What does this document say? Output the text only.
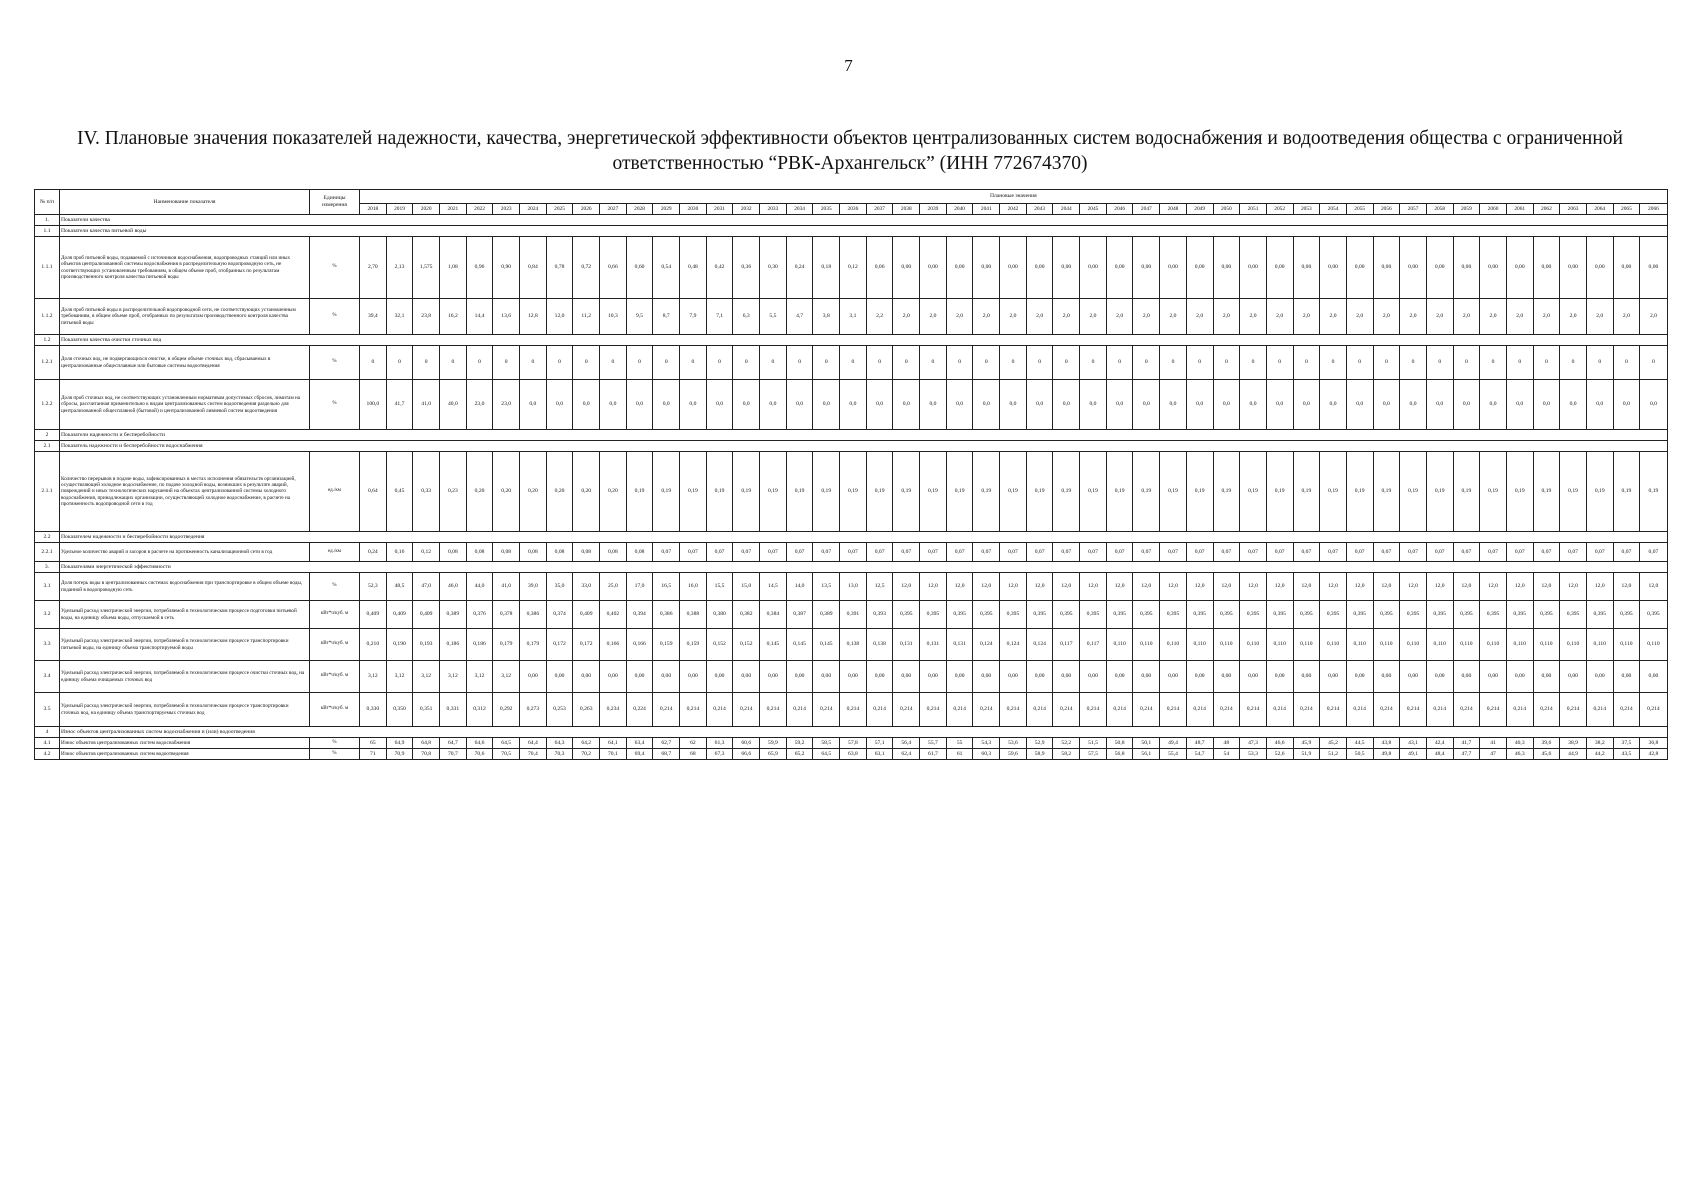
7
IV. Плановые значения показателей надежности, качества, энергетической эффективности объектов централизованных систем водоснабжения и водоотведения общества с ограниченной
ответственностью “РВК-Архангельск” (ИНН 772674370)
№ п/п	Наименование показателя	Единицы измерения	Плановые значения																																																
			2018	2019	2020	2021	2022	2023	2024	2025	2026	2027	2028	2029	2030	2031	2032	2033	2034	2035	2036	2037	2038	2039	2040	2041	2042	2043	2044	2045	2046	2047	2048	2049	2050	2051	2052	2053	2054	2055	2056	2057	2058	2059	2060	2061	2062	2063	2064	2065	2066
1.	Показатели качества																																																		
1.1	Показатели качества питьевой воды																																																		
1.1.1	Доля проб питьевой воды, подаваемой с источников водоснабжения, водопроводных станций или иных объектов централизованной системы водоснабжения в распределительную водопроводную сеть, не соответствующих установленным требованиям, в общем объеме проб, отобранных по результатам производственного контроля качества питьевой воды	%	2,70	2,13	1,575	1,08	0,96	0,90	0,84	0,78	0,72	0,66	0,60	0,54	0,48	0,42	0,36	0,30	0,24	0,18	0,12	0,06	0,00	0,00	0,00	0,00	0,00	0,00	0,00	0,00	0,00	0,00	0,00	0,00	0,00	0,00	0,00	0,00	0,00	0,00	0,00	0,00	0,00	0,00	0,00	0,00	0,00	0,00	0,00	0,00	0,00
1.1.2	Доля проб питьевой воды в распределительной водопроводной сети, не соответствующих установленным требованиям, в общем объеме проб, отобранных по результатам производственного контроля качества питьевой воды	%	39,4	32,1	23,8	16,2	14,4	13,6	12,8	12,0	11,2	10,3	9,5	8,7	7,9	7,1	6,3	5,5	4,7	3,8	3,1	2,2	2,0	2,0	2,0	2,0	2,0	2,0	2,0	2,0	2,0	2,0	2,0	2,0	2,0	2,0	2,0	2,0	2,0	2,0	2,0	2,0	2,0	2,0	2,0	2,0	2,0	2,0	2,0	2,0	2,0
1.2	Показатели качества очистки сточных вод																																																		
1.2.1	Доля сточных вод, не подвергающихся очистке, в общем объеме сточных вод, сбрасываемых в централизованные общесплавные или бытовые системы водоотведения	%	0	0	0	0	0	0	0	0	0	0	0	0	0	0	0	0	0	0	0	0	0	0	0	0	0	0	0	0	0	0	0	0	0	0	0	0	0	0	0	0	0	0	0	0	0	0	0	0	0
1.2.2	Доля проб сточных вод, не соответствующих установленным нормативам допустимых сбросов, лимитам на сбросы, рассчитанная применительно к видам централизованных систем водоотведения раздельно для централизованной общесплавной (бытовой) и централизованной ливневой систем водоотведения	%	100,0	41,7	41,0	40,0	23,0	23,0	0,0	0,0	0,0	0,0	0,0	0,0	0,0	0,0	0,0	0,0	0,0	0,0	0,0	0,0	0,0	0,0	0,0	0,0	0,0	0,0	0,0	0,0	0,0	0,0	0,0	0,0	0,0	0,0	0,0	0,0	0,0	0,0	0,0	0,0	0,0	0,0	0,0	0,0	0,0	0,0	0,0	0,0	0,0
2	Показатели надежности и бесперебойности																																																		
2.1	Показатель надежности и бесперебойности водоснабжения																																																		
2.1.1	Количество перерывов в подаче воды, зафиксированных в местах исполнения обязательств организацией, осуществляющей холодное водоснабжение, по подаче холодной воды, возникших в результате аварий, повреждений и иных технологических нарушений на объектах централизованной системы холодного водоснабжения, принадлежащих организации, осуществляющей холодное водоснабжение, в расчете на протяженность водопроводной сети в год	ед./км	0,64	0,45	0,33	0,23	0,20	0,20	0,20	0,20	0,20	0,20	0,19	0,19	0,19	0,19	0,19	0,19	0,19	0,19	0,19	0,19	0,19	0,19	0,19	0,19	0,19	0,19	0,19	0,19	0,19	0,19	0,19	0,19	0,19	0,19	0,19	0,19	0,19	0,19	0,19	0,19	0,19	0,19	0,19	0,19	0,19	0,19	0,19	0,19	0,19
2.2	Показателем надежности и бесперебойности водоотведения																																																		
2.2.1	Удельное количество аварий и засоров в расчете на протяженность канализационной сети в год	ед./км	0,24	0,16	0,12	0,08	0,08	0,08	0,08	0,08	0,08	0,08	0,08	0,07	0,07	0,07	0,07	0,07	0,07	0,07	0,07	0,07	0,07	0,07	0,07	0,07	0,07	0,07	0,07	0,07	0,07	0,07	0,07	0,07	0,07	0,07	0,07	0,07	0,07	0,07	0,07	0,07	0,07	0,07	0,07	0,07	0,07	0,07	0,07	0,07	0,07
3.	Показателями энергетической эффективности																																																		
3.1	Доля потерь воды в централизованных системах водоснабжения при транспортировке в общем объеме воды, поданной в водопроводную сеть	%	52,3	48,5	47,0	46,0	44,0	41,0	39,0	35,0	33,0	25,0	17,0	16,5	16,0	15,5	15,0	14,5	14,0	13,5	13,0	12,5	12,0	12,0	12,0	12,0	12,0	12,0	12,0	12,0	12,0	12,0	12,0	12,0	12,0	12,0	12,0	12,0	12,0	12,0	12,0	12,0	12,0	12,0	12,0	12,0	12,0	12,0	12,0	12,0	12,0
3.2	Удельный расход электрической энергии, потребляемой в технологическом процессе подготовки питьевой воды, на единицу объема воды, отпускаемой в сеть	кВт*ч/куб. м	0,409	0,409	0,409	0,389	0,376	0,378	0,386	0,374	0,409	0,402	0,394	0,386	0,388	0,380	0,382	0,384	0,387	0,389	0,391	0,393	0,395	0,395	0,395	0,395	0,395	0,395	0,395	0,395	0,395	0,395	0,395	0,395	0,395	0,395	0,395	0,395	0,395	0,395	0,395	0,395	0,395	0,395	0,395	0,395	0,395	0,395	0,395	0,395	0,395
3.3	Удельный расход электрической энергии, потребляемой в технологическом процессе транспортировки питьевой воды, на единицу объема транспортируемой воды	кВт*ч/куб. м	0,210	0,190	0,193	0,186	0,186	0,179	0,179	0,172	0,172	0,166	0,166	0,159	0,159	0,152	0,152	0,145	0,145	0,145	0,138	0,138	0,131	0,131	0,131	0,124	0,124	0,124	0,117	0,117	0,110	0,110	0,110	0,110	0,110	0,110	0,110	0,110	0,110	0,110	0,110	0,110	0,110	0,110	0,110	0,110	0,110	0,110	0,110	0,110	0,110
3.4	Удельный расход электрической энергии, потребляемой в технологическом процессе очистки сточных вод, на единицу объема очищаемых сточных вод	кВт*ч/куб. м	3,12	3,12	3,12	3,12	3,12	3,12	0,00	0,00	0,00	0,00	0,00	0,00	0,00	0,00	0,00	0,00	0,00	0,00	0,00	0,00	0,00	0,00	0,00	0,00	0,00	0,00	0,00	0,00	0,00	0,00	0,00	0,00	0,00	0,00	0,00	0,00	0,00	0,00	0,00	0,00	0,00	0,00	0,00	0,00	0,00	0,00	0,00	0,00	0,00
3.5	Удельный расход электрической энергии, потребляемой в технологическом процессе транспортировки сточных вод, на единицу объема транспортируемых сточных вод	кВт*ч/куб. м	0,330	0,350	0,351	0,331	0,312	0,292	0,273	0,253	0,263	0,234	0,224	0,214	0,214	0,214	0,214	0,214	0,214	0,214	0,214	0,214	0,214	0,214	0,214	0,214	0,214	0,214	0,214	0,214	0,214	0,214	0,214	0,214	0,214	0,214	0,214	0,214	0,214	0,214	0,214	0,214	0,214	0,214	0,214	0,214	0,214	0,214	0,214	0,214	0,214
4	Износ объектов централизованных систем водоснабжения и (или) водоотведения																																																		
4.1	Износ объектов централизованных систем водоснабжения	%	65	64,9	64,8	64,7	64,6	64,5	64,4	64,3	64,2	64,1	63,4	62,7	62	61,3	60,6	59,9	59,2	58,5	57,8	57,1	56,4	55,7	55	54,3	53,6	52,9	52,2	51,5	50,8	50,1	49,4	48,7	48	47,3	46,6	45,9	45,2	44,5	43,8	43,1	42,4	41,7	41	40,3	39,6	38,9	38,2	37,5	36,8
4.2	Износ объектов централизованных систем водоотведения	%	71	70,9	70,8	70,7	70,6	70,5	70,4	70,3	70,2	70,1	69,4	68,7	68	67,3	66,6	65,9	65,2	64,5	63,8	63,1	62,4	61,7	61	60,3	59,6	58,9	58,2	57,5	56,8	56,1	55,4	54,7	54	53,3	52,6	51,9	51,2	50,5	49,8	49,1	48,4	47,7	47	46,3	45,6	44,9	44,2	43,5	42,8
